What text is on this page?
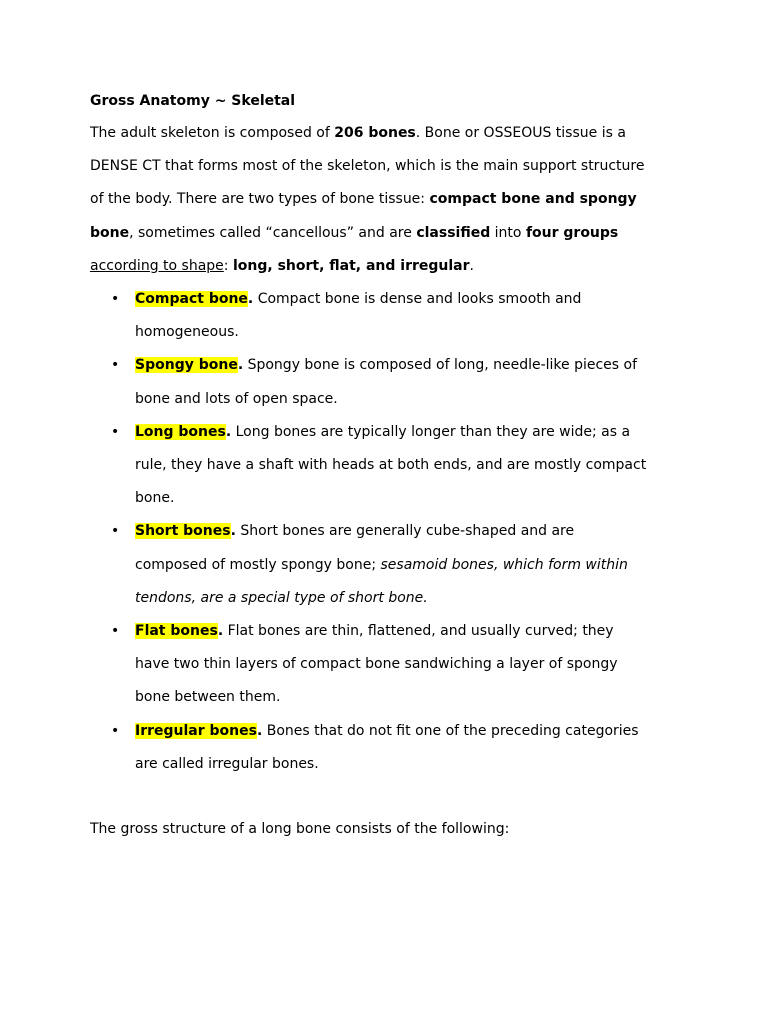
Gross Anatomy ~ Skeletal

The adult skeleton is composed of 206 bones. Bone or OSSEOUS tissue is a DENSE CT that forms most of the skeleton, which is the main support structure of the body. There are two types of bone tissue: compact bone and spongy bone, sometimes called “cancellous” and are classified into four groups according to shape: long, short, flat, and irregular.

• Compact bone. Compact bone is dense and looks smooth and homogeneous.
• Spongy bone. Spongy bone is composed of long, needle-like pieces of bone and lots of open space.
• Long bones. Long bones are typically longer than they are wide; as a rule, they have a shaft with heads at both ends, and are mostly compact bone.
• Short bones. Short bones are generally cube-shaped and are composed of mostly spongy bone; sesamoid bones, which form within tendons, are a special type of short bone.
• Flat bones. Flat bones are thin, flattened, and usually curved; they have two thin layers of compact bone sandwiching a layer of spongy bone between them.
• Irregular bones. Bones that do not fit one of the preceding categories are called irregular bones.

The gross structure of a long bone consists of the following:
